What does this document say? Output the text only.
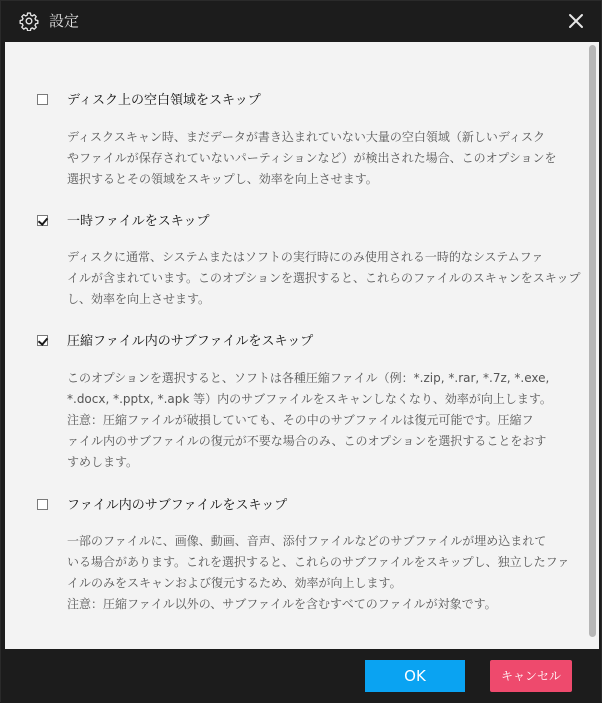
設定
ディスク上の空白領域をスキップ
ディスクスキャン時、まだデータが書き込まれていない大量の空白領域（新しいディスク
やファイルが保存されていないパーティションなど）が検出された場合、このオプションを
選択するとその領域をスキップし、効率を向上させます。
一時ファイルをスキップ
ディスクに通常、システムまたはソフトの実行時にのみ使用される一時的なシステムファ
イルが含まれています。このオプションを選択すると、これらのファイルのスキャンをスキップ
し、効率を向上させます。
圧縮ファイル内のサブファイルをスキップ
このオプションを選択すると、ソフトは各種圧縮ファイル（例：*.zip, *.rar, *.7z, *.exe,
*.docx, *.pptx, *.apk 等）内のサブファイルをスキャンしなくなり、効率が向上します。
注意：圧縮ファイルが破損していても、その中のサブファイルは復元可能です。圧縮フ
ァイル内のサブファイルの復元が不要な場合のみ、このオプションを選択することをおす
すめします。
ファイル内のサブファイルをスキップ
一部のファイルに、画像、動画、音声、添付ファイルなどのサブファイルが埋め込まれて
いる場合があります。これを選択すると、これらのサブファイルをスキップし、独立したファ
イルのみをスキャンおよび復元するため、効率が向上します。
注意：圧縮ファイル以外の、サブファイルを含むすべてのファイルが対象です。
OK	キャンセル
